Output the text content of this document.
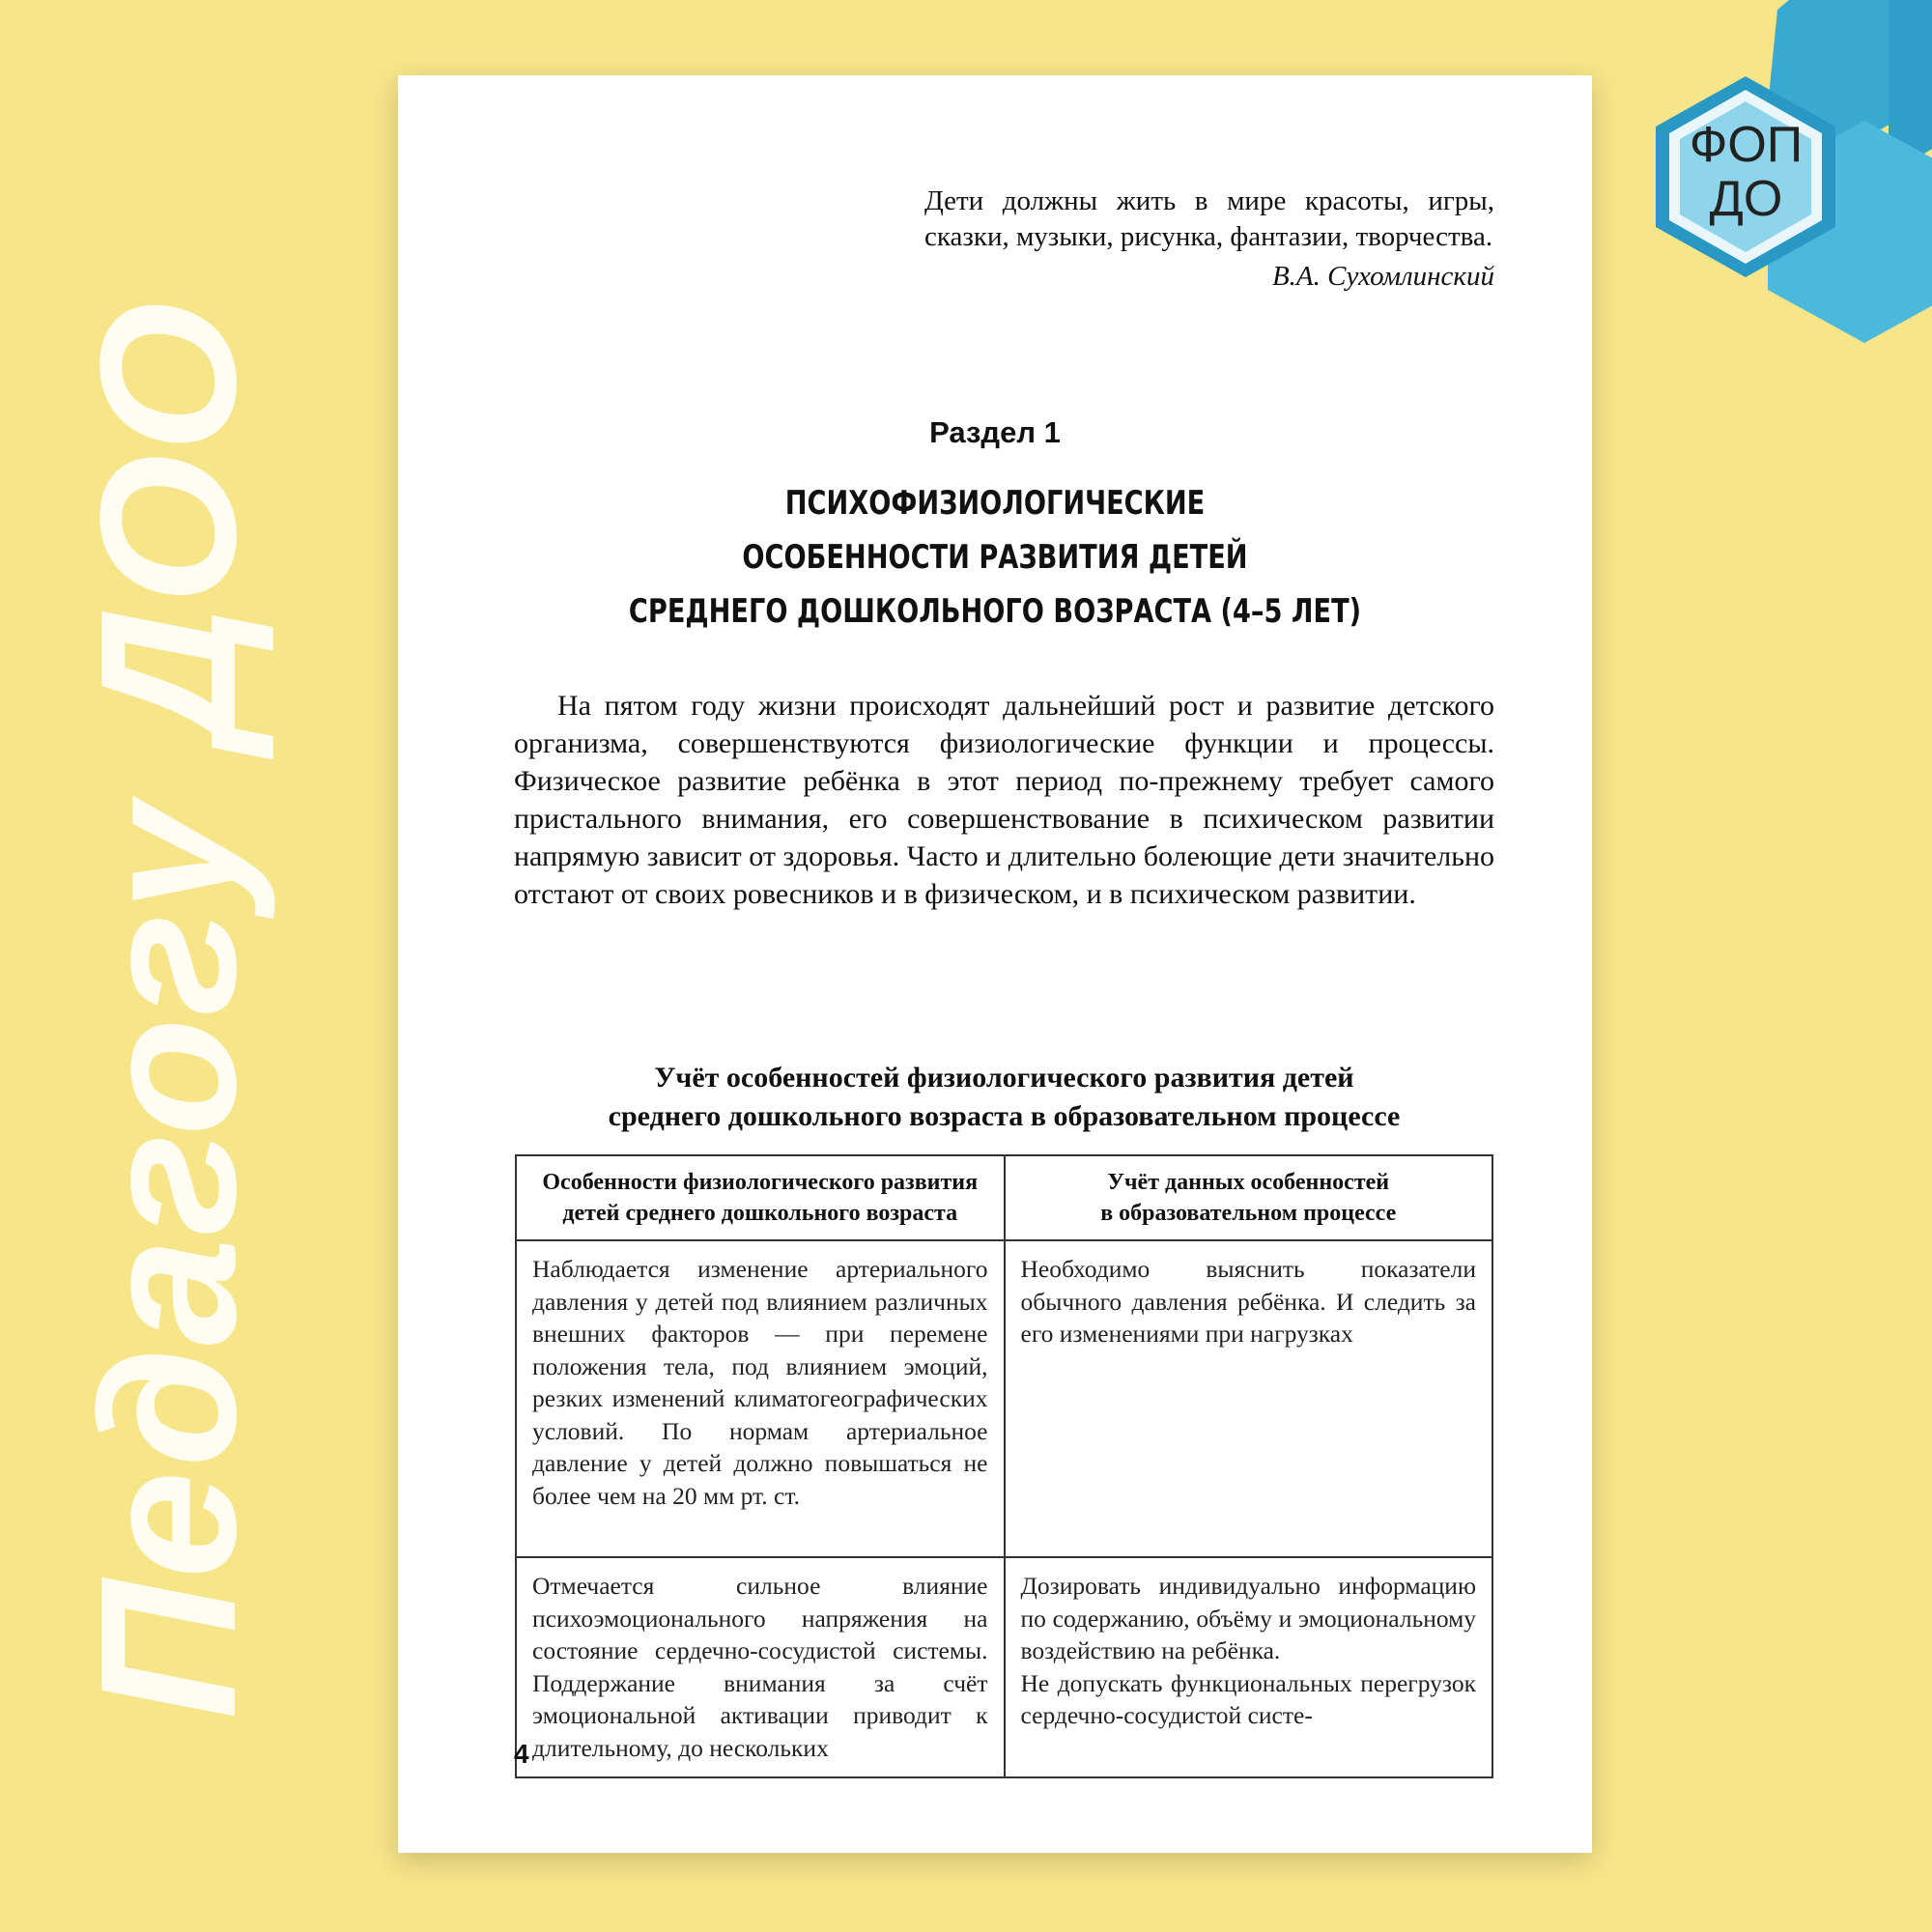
ФОП
ДО
Педагогу ДОО
Дети должны жить в мире красоты, игры, сказки, музыки, рисунка, фантазии, творчества.
В.А. Сухомлинский
Раздел 1
ПСИХОФИЗИОЛОГИЧЕСКИЕ
ОСОБЕННОСТИ РАЗВИТИЯ ДЕТЕЙ
СРЕДНЕГО ДОШКОЛЬНОГО ВОЗРАСТА (4–5 ЛЕТ)
На пятом году жизни происходят дальнейший рост и развитие детского организма, совершенствуются физиологические функции и процессы. Физическое развитие ребёнка в этот период по-прежнему требует самого пристального внимания, его совершенствование в психическом развитии напрямую зависит от здоровья. Часто и длительно болеющие дети значительно отстают от своих ровесников и в физическом, и в психическом развитии.
Учёт особенностей физиологического развития детей
среднего дошкольного возраста в образовательном процессе
Особенности физиологического развития
детей среднего дошкольного возраста	Учёт данных особенностей
в образовательном процессе

Наблюдается изменение артериального давления у детей под влиянием различных внешних факторов — при перемене положения тела, под влиянием эмоций, резких изменений климатогеографических условий. По нормам артериальное давление у детей должно повышаться не более чем на 20 мм рт. ст.	Необходимо выяснить показатели обычного давления ребёнка. И следить за его изменениями при нагрузках

Отмечается сильное влияние психоэмоционального напряжения на состояние сердечно-сосудистой системы. Поддержание внимания за счёт эмоциональной активации приводит к длительному, до нескольких	Дозировать индивидуально информацию по содержанию, объёму и эмоциональному воздействию на ребёнка.
Не допускать функциональных перегрузок сердечно-сосудистой систе-
4
